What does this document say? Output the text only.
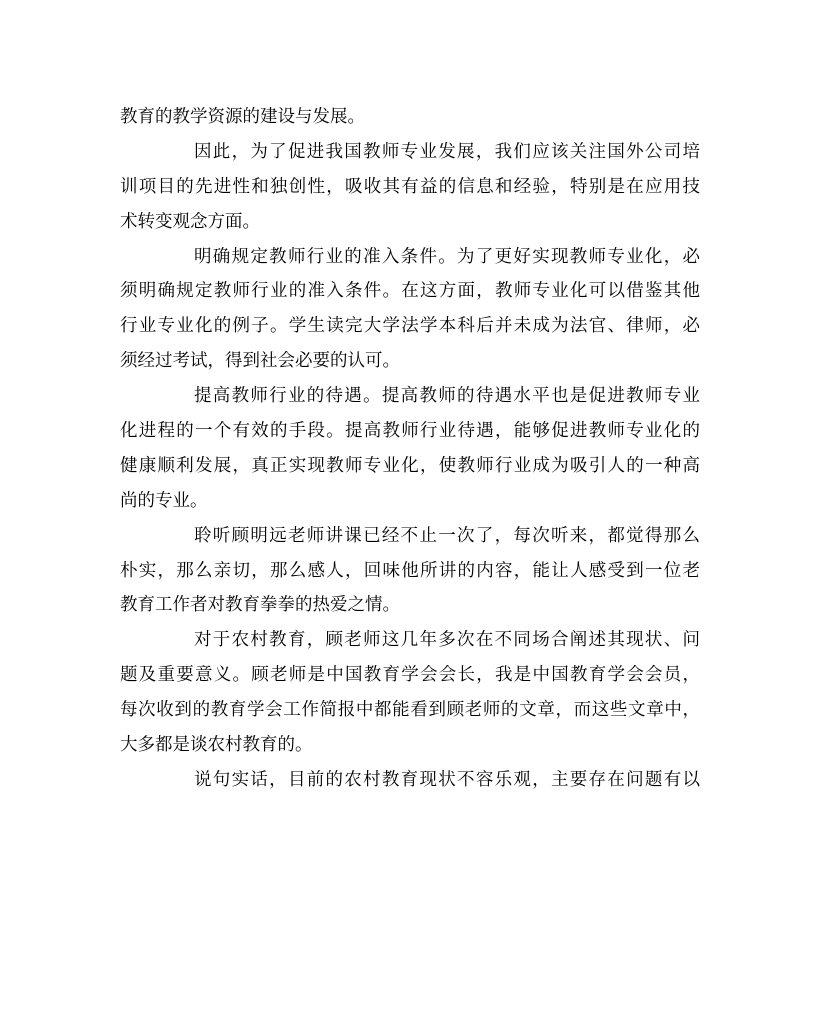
教育的教学资源的建设与发展。
因此，为了促进我国教师专业发展，我们应该关注国外公司培
训项目的先进性和独创性，吸收其有益的信息和经验，特别是在应用技
术转变观念方面。
明确规定教师行业的准入条件。为了更好实现教师专业化，必
须明确规定教师行业的准入条件。在这方面，教师专业化可以借鉴其他
行业专业化的例子。学生读完大学法学本科后并未成为法官、律师，必
须经过考试，得到社会必要的认可。
提高教师行业的待遇。提高教师的待遇水平也是促进教师专业
化进程的一个有效的手段。提高教师行业待遇，能够促进教师专业化的
健康顺利发展，真正实现教师专业化，使教师行业成为吸引人的一种高
尚的专业。
聆听顾明远老师讲课已经不止一次了，每次听来，都觉得那么
朴实，那么亲切，那么感人，回味他所讲的内容，能让人感受到一位老
教育工作者对教育拳拳的热爱之情。
对于农村教育，顾老师这几年多次在不同场合阐述其现状、问
题及重要意义。顾老师是中国教育学会会长，我是中国教育学会会员，
每次收到的教育学会工作简报中都能看到顾老师的文章，而这些文章中，
大多都是谈农村教育的。
说句实话，目前的农村教育现状不容乐观，主要存在问题有以
